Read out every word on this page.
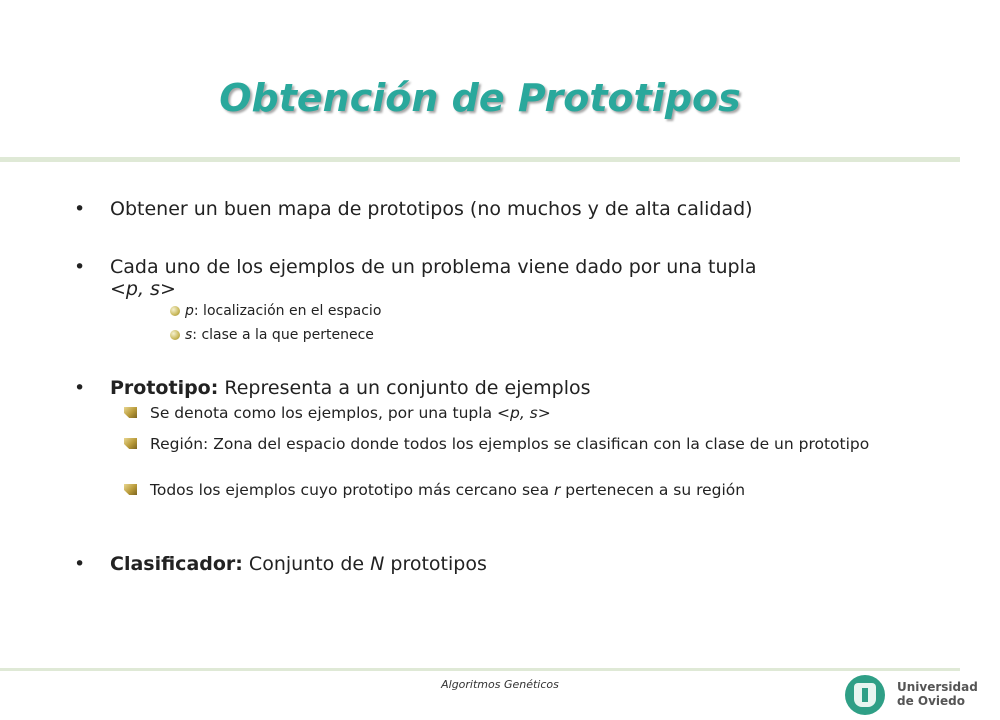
Obtención de Prototipos
• Obtener un buen mapa de prototipos (no muchos y de alta calidad)
• Cada uno de los ejemplos de un problema viene dado por una tupla
<p, s>
p: localización en el espacio
s: clase a la que pertenece
• Prototipo: Representa a un conjunto de ejemplos
Se denota como los ejemplos, por una tupla <p, s>
Región: Zona del espacio donde todos los ejemplos se clasifican con la clase de un prototipo
Todos los ejemplos cuyo prototipo más cercano sea r pertenecen a su región
• Clasificador: Conjunto de N prototipos
Algoritmos Genéticos	Universidad
de Oviedo
